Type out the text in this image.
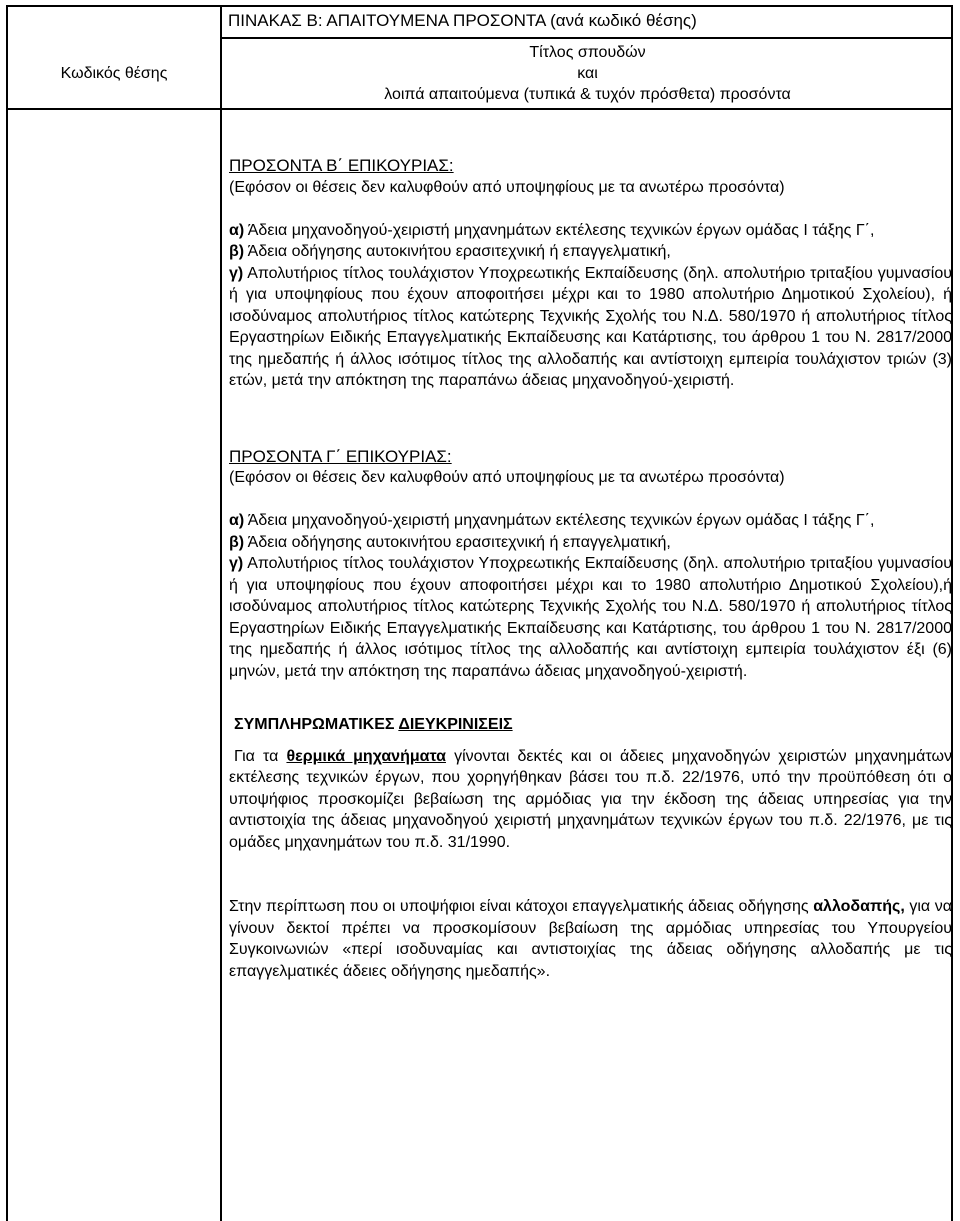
ΠΙΝΑΚΑΣ Β: ΑΠΑΙΤΟΥΜΕΝΑ ΠΡΟΣΟΝΤΑ (ανά κωδικό θέσης)
Κωδικός θέσης
Τίτλος σπουδών
και
λοιπά απαιτούμενα (τυπικά & τυχόν πρόσθετα) προσόντα
ΠΡΟΣΟΝΤΑ Β΄ ΕΠΙΚΟΥΡΙΑΣ:

(Εφόσον οι θέσεις δεν καλυφθούν από υποψηφίους με τα ανωτέρω προσόντα)

α) Άδεια μηχανοδηγού-χειριστή μηχανημάτων εκτέλεσης τεχνικών έργων ομάδας Ι τάξης Γ΄,

β) Άδεια οδήγησης αυτοκινήτου ερασιτεχνική ή επαγγελματική,

γ) Απολυτήριος τίτλος τουλάχιστον Υποχρεωτικής Εκπαίδευσης (δηλ. απολυτήριο τριταξίου γυμνασίου ή για υποψηφίους που έχουν αποφοιτήσει μέχρι και το 1980 απολυτήριο Δημοτικού Σχολείου), ή ισοδύναμος απολυτήριος τίτλος κατώτερης Τεχνικής Σχολής του Ν.Δ. 580/1970 ή απολυτήριος τίτλος Εργαστηρίων Ειδικής Επαγγελματικής Εκπαίδευσης και Κατάρτισης, του άρθρου 1 του Ν. 2817/2000 της ημεδαπής ή άλλος ισότιμος τίτλος της αλλοδαπής και αντίστοιχη εμπειρία τουλάχιστον τριών (3) ετών, μετά την απόκτηση της παραπάνω άδειας μηχανοδηγού-χειριστή.

ΠΡΟΣΟΝΤΑ Γ΄ ΕΠΙΚΟΥΡΙΑΣ:

(Εφόσον οι θέσεις δεν καλυφθούν από υποψηφίους με τα ανωτέρω προσόντα)

α) Άδεια μηχανοδηγού-χειριστή μηχανημάτων εκτέλεσης τεχνικών έργων ομάδας Ι τάξης Γ΄,

β) Άδεια οδήγησης αυτοκινήτου ερασιτεχνική ή επαγγελματική,

γ) Απολυτήριος τίτλος τουλάχιστον Υποχρεωτικής Εκπαίδευσης (δηλ. απολυτήριο τριταξίου γυμνασίου ή για υποψηφίους που έχουν αποφοιτήσει μέχρι και το 1980 απολυτήριο Δημοτικού Σχολείου),ή ισοδύναμος απολυτήριος τίτλος κατώτερης Τεχνικής Σχολής του Ν.Δ. 580/1970 ή απολυτήριος τίτλος Εργαστηρίων Ειδικής Επαγγελματικής Εκπαίδευσης και Κατάρτισης, του άρθρου 1 του Ν. 2817/2000 της ημεδαπής ή άλλος ισότιμος τίτλος της αλλοδαπής και αντίστοιχη εμπειρία τουλάχιστον έξι (6) μηνών, μετά την απόκτηση της παραπάνω άδειας μηχανοδηγού-χειριστή.

ΣΥΜΠΛΗΡΩΜΑΤΙΚΕΣ ΔΙΕΥΚΡΙΝΙΣΕΙΣ

Για τα θερμικά μηχανήματα γίνονται δεκτές και οι άδειες μηχανοδηγών χειριστών μηχανημάτων εκτέλεσης τεχνικών έργων, που χορηγήθηκαν βάσει του π.δ. 22/1976, υπό την προϋπόθεση ότι ο υποψήφιος προσκομίζει βεβαίωση της αρμόδιας για την έκδοση της άδειας υπηρεσίας για την αντιστοιχία της άδειας μηχανοδηγού χειριστή μηχανημάτων τεχνικών έργων του π.δ. 22/1976, με τις ομάδες μηχανημάτων του π.δ. 31/1990.

Στην περίπτωση που οι υποψήφιοι είναι κάτοχοι επαγγελματικής άδειας οδήγησης αλλοδαπής, για να γίνουν δεκτοί πρέπει να προσκομίσουν βεβαίωση της αρμόδιας υπηρεσίας του Υπουργείου Συγκοινωνιών «περί ισοδυναμίας και αντιστοιχίας της άδειας οδήγησης αλλοδαπής με τις επαγγελματικές άδειες οδήγησης ημεδαπής».
